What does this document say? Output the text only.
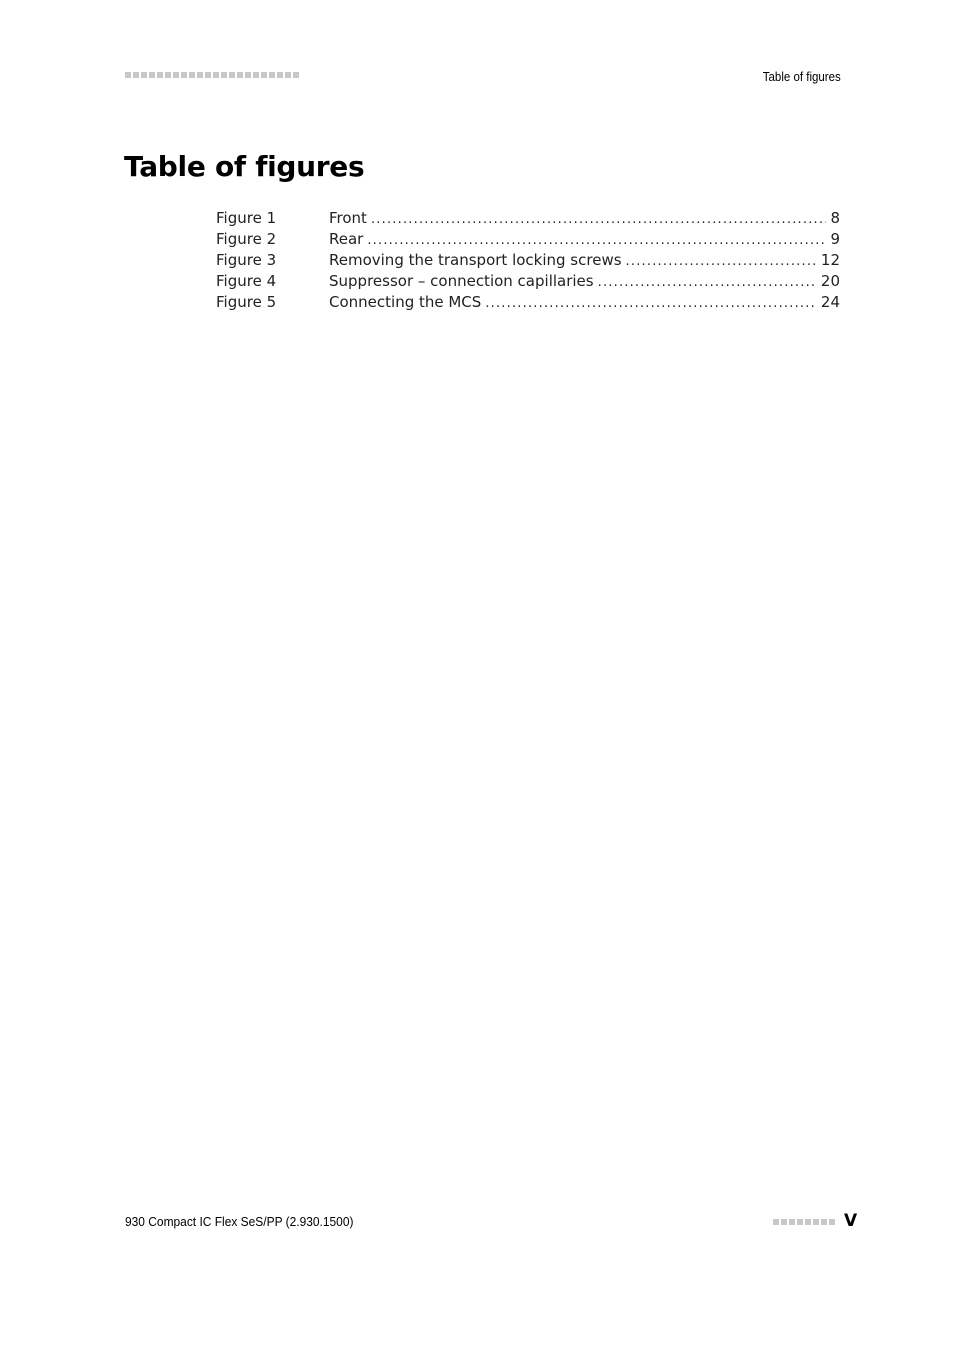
Table of figures
Table of figures
Figure 1	Front .....	8
Figure 2	Rear .....	9
Figure 3	Removing the transport locking screws .....	12
Figure 4	Suppressor – connection capillaries .....	20
Figure 5	Connecting the MCS .....	24
930 Compact IC Flex SeS/PP (2.930.1500)	V
